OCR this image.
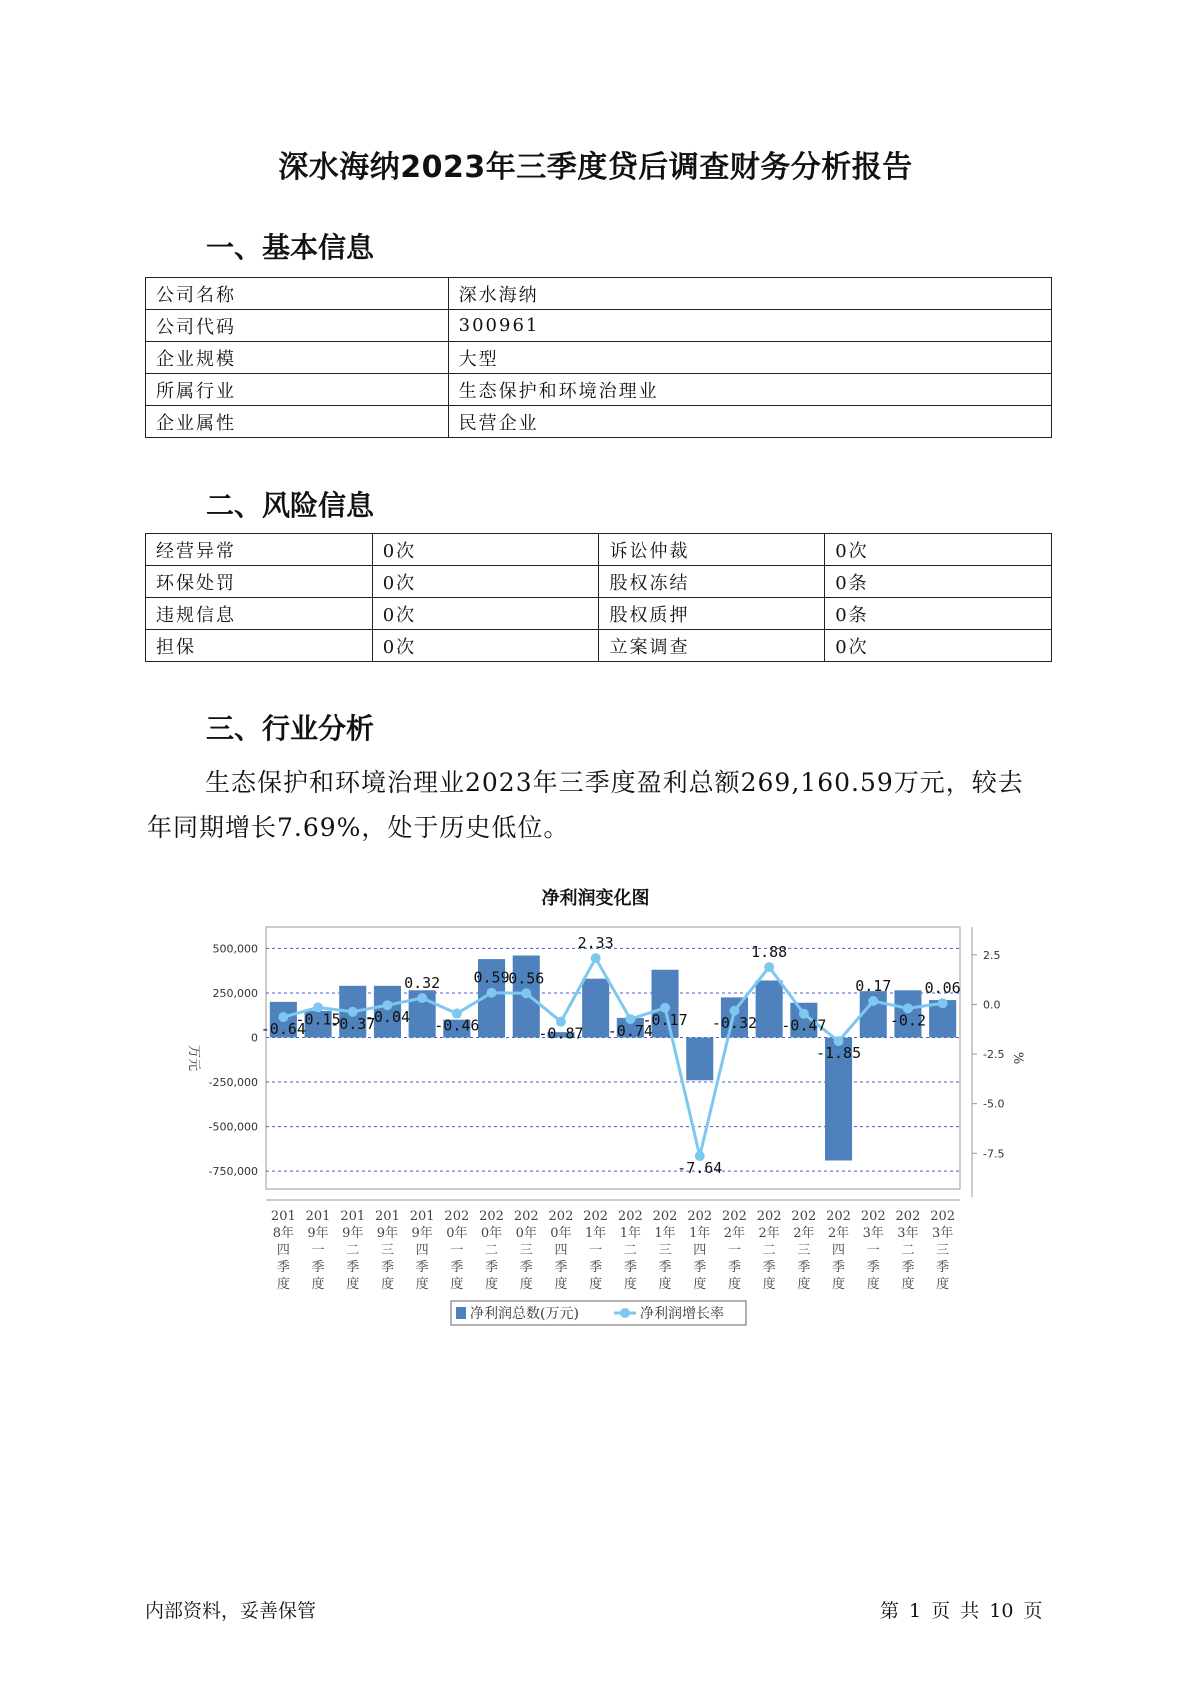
深水海纳2023年三季度贷后调查财务分析报告
一、基本信息
公司名称	深水海纳
公司代码	300961
企业规模	大型
所属行业	生态保护和环境治理业
企业属性	民营企业
二、风险信息
经营异常	0次	诉讼仲裁	0次
环保处罚	0次	股权冻结	0条
违规信息	0次	股权质押	0条
担保	0次	立案调查	0次
三、行业分析
生态保护和环境治理业2023年三季度盈利总额269,160.59万元，较去年同期增长7.69%，处于历史低位。
净利润变化图
500,000
250,000
0
-250,000
-500,000
-750,000
2.5
0.0
-2.5
-5.0
-7.5
万元	%
-0.64
-0.15
-0.37
-0.04
0.32
-0.46
0.59
0.56
-0.87
2.33
-0.74
-0.17
-7.64
-0.32
1.88
-0.47
-1.85
0.17
-0.2
0.06
201 8年四季度
201 9年一季度
201 9年二季度
201 9年三季度
201 9年四季度
202 0年一季度
202 0年二季度
202 0年三季度
202 0年四季度
202 1年一季度
202 1年二季度
202 1年三季度
202 1年四季度
202 2年一季度
202 2年二季度
202 2年三季度
202 2年四季度
202 3年一季度
202 3年二季度
202 3年三季度
净利润总数(万元)	净利润增长率
内部资料，妥善保管	第 1 页 共 10 页
